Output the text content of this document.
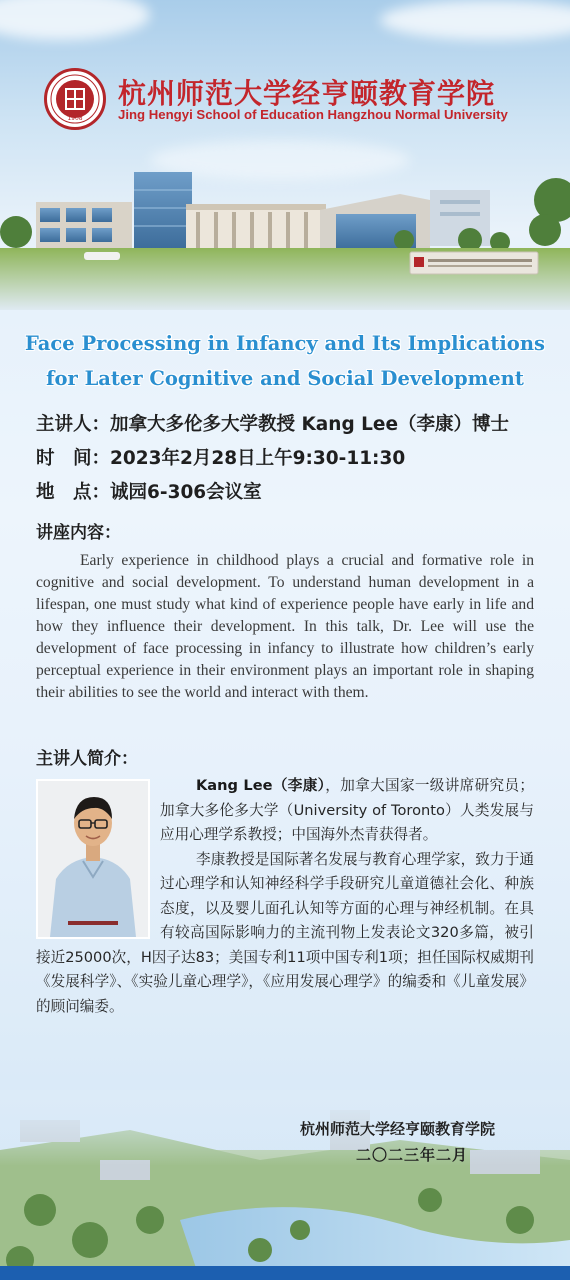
1908
杭州师范大学经亨颐教育学院
Jing Hengyi School of Education Hangzhou Normal University
Face Processing in Infancy and Its Implications
for Later Cognitive and Social Development
主讲人：加拿大多伦多大学教授 Kang Lee（李康）博士
时　间：2023年2月28日上午9:30-11:30
地　点：诚园6-306会议室
讲座内容：
Early experience in childhood plays a crucial and formative role in cognitive and social development. To understand human development in a lifespan, one must study what kind of experience people have early in life and how they influence their development. In this talk, Dr. Lee will use the development of face processing in infancy to illustrate how children’s early perceptual experience in their environment plays an important role in shaping their abilities to see the world and interact with them.
主讲人简介：

Kang Lee（李康），加拿大国家一级讲席研究员；加拿大多伦多大学（University of Toronto）人类发展与应用心理学系教授；中国海外杰青获得者。

李康教授是国际著名发展与教育心理学家，致力于通过心理学和认知神经科学手段研究儿童道德社会化、种族态度，以及婴儿面孔认知等方面的心理与神经机制。在具有较高国际影响力的主流刊物上发表论文320多篇，被引接近25000次，H因子达83；美国专利11项中国专利1项；担任国际权威期刊《发展科学》、《实验儿童心理学》，《应用发展心理学》的编委和《儿童发展》的顾问编委。

杭州师范大学经亨颐教育学院
二〇二三年二月
